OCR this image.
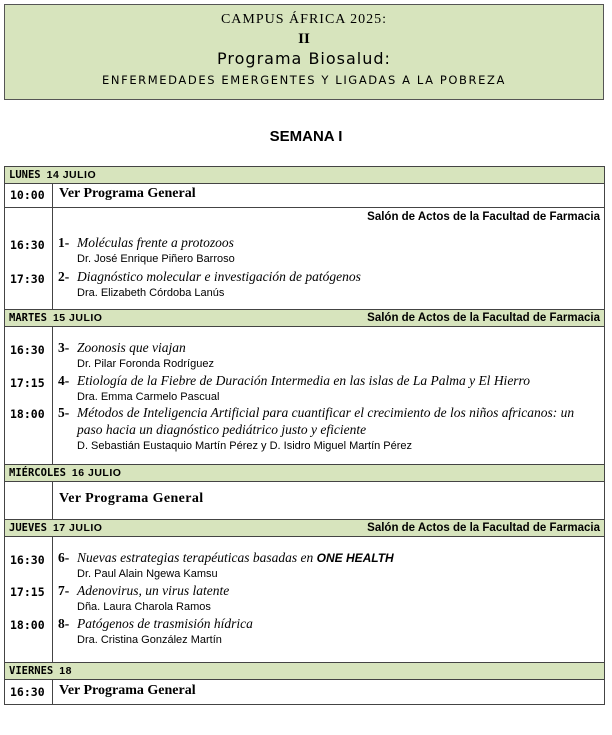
CAMPUS ÁFRICA 2025:
II
Programa Biosalud:
ENFERMEDADES EMERGENTES Y LIGADAS A LA POBREZA
SEMANA I
LUNES 14 JULIO
10:00 Ver Programa General
16:30
17:30
Salón de Actos de la Facultad de Farmacia
1- Moléculas frente a protozoos
Dr. José Enrique Piñero Barroso
2- Diagnóstico molecular e investigación de patógenos
Dra. Elizabeth Córdoba Lanús
MARTES 15 JULIO	Salón de Actos de la Facultad de Farmacia
16:30
17:15
18:00
3- Zoonosis que viajan
Dr. Pilar Foronda Rodríguez
4- Etiología de la Fiebre de Duración Intermedia en las islas de La Palma y El Hierro
Dra. Emma Carmelo Pascual
5- Métodos de Inteligencia Artificial para cuantificar el crecimiento de los niños africanos: un paso hacia un diagnóstico pediátrico justo y eficiente
D. Sebastián Eustaquio Martín Pérez y D. Isidro Miguel Martín Pérez
MIÉRCOLES 16 JULIO
Ver Programa General
JUEVES 17 JULIO	Salón de Actos de la Facultad de Farmacia
16:30
17:15
18:00
6- Nuevas estrategias terapéuticas basadas en ONE HEALTH
Dr. Paul Alain Ngewa Kamsu
7- Adenovirus, un virus latente
Dña. Laura Charola Ramos
8- Patógenos de trasmisión hídrica
Dra. Cristina González Martín
VIERNES 18
16:30 Ver Programa General
